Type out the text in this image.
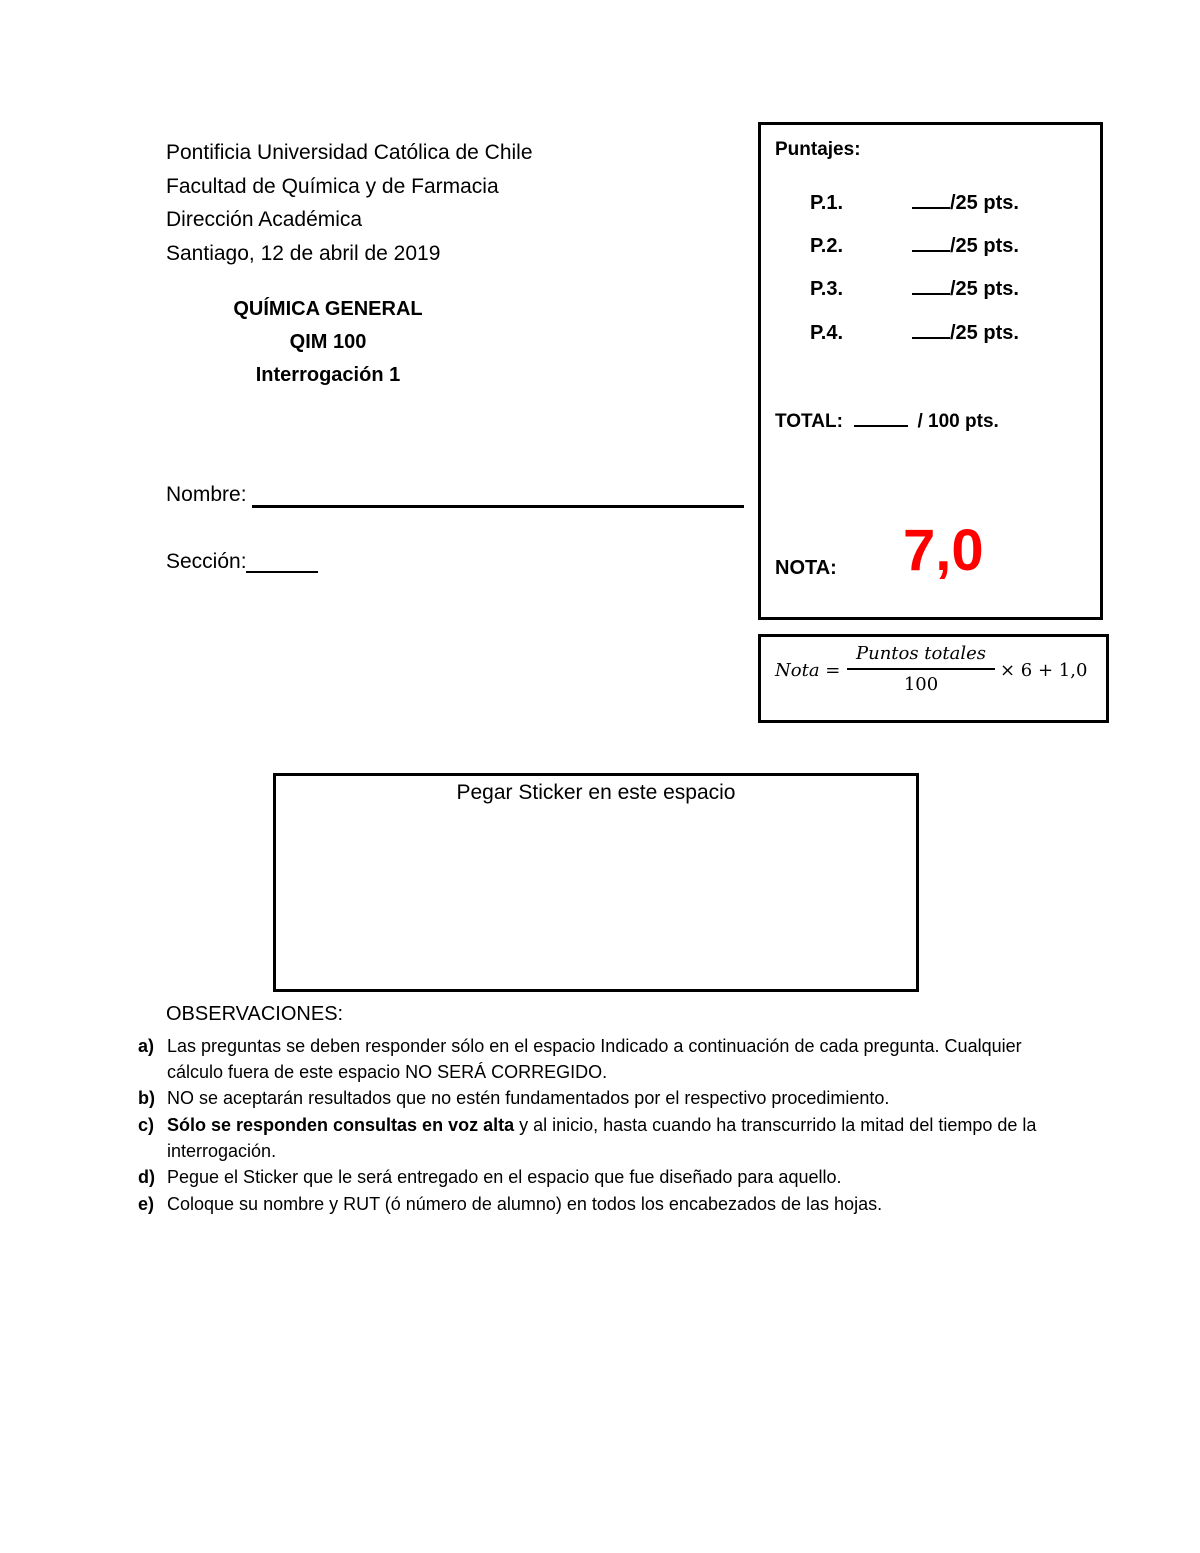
Pontificia Universidad Católica de Chile
Facultad de Química y de Farmacia
Dirección Académica
Santiago, 12 de abril de 2019
QUÍMICA GENERAL
QIM 100
Interrogación 1
Nombre:
Sección:
Puntajes:
P.1.	/25 pts.
P.2.	/25 pts.
P.3.	/25 pts.
P.4.	/25 pts.
TOTAL:	/ 100 pts.
NOTA: 7,0
Nota =
Puntos totales
100
× 6 + 1,0
Pegar Sticker en este espacio
OBSERVACIONES:
a) Las preguntas se deben responder sólo en el espacio Indicado a continuación de cada pregunta. Cualquier cálculo fuera de este espacio NO SERÁ CORREGIDO.
b) NO se aceptarán resultados que no estén fundamentados por el respectivo procedimiento.
c) Sólo se responden consultas en voz alta y al inicio, hasta cuando ha transcurrido la mitad del tiempo de la interrogación.
d) Pegue el Sticker que le será entregado en el espacio que fue diseñado para aquello.
e) Coloque su nombre y RUT (ó número de alumno) en todos los encabezados de las hojas.
